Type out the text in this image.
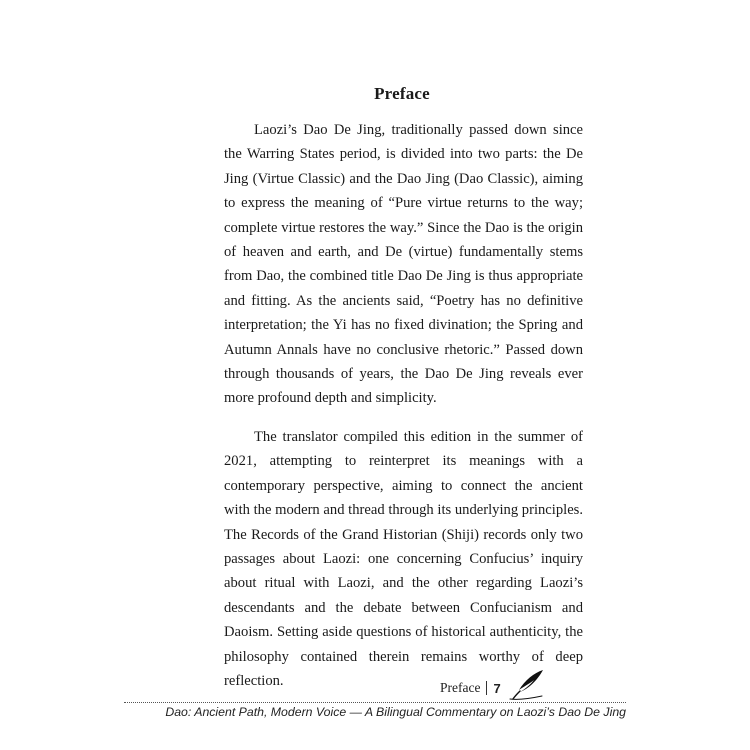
Preface

Laozi’s Dao De Jing, traditionally passed down since the Warring States period, is divided into two parts: the De Jing (Virtue Classic) and the Dao Jing (Dao Classic), aiming to express the meaning of “Pure virtue returns to the way; complete virtue restores the way.” Since the Dao is the origin of heaven and earth, and De (virtue) fundamentally stems from Dao, the combined title Dao De Jing is thus appropriate and fitting. As the ancients said, “Poetry has no definitive interpretation; the Yi has no fixed divination; the Spring and Autumn Annals have no conclusive rhetoric.” Passed down through thousands of years, the Dao De Jing reveals ever more profound depth and simplicity.

The translator compiled this edition in the summer of 2021, attempting to reinterpret its meanings with a contemporary perspective, aiming to connect the ancient with the modern and thread through its underlying principles. The Records of the Grand Historian (Shiji) records only two passages about Laozi: one concerning Confucius’ inquiry about ritual with Laozi, and the other regarding Laozi’s descendants and the debate between Confucianism and Daoism. Setting aside questions of historical authenticity, the philosophy contained therein remains worthy of deep reflection.	Preface 7
Dao: Ancient Path, Modern Voice — A Bilingual Commentary on Laozi’s Dao De Jing
